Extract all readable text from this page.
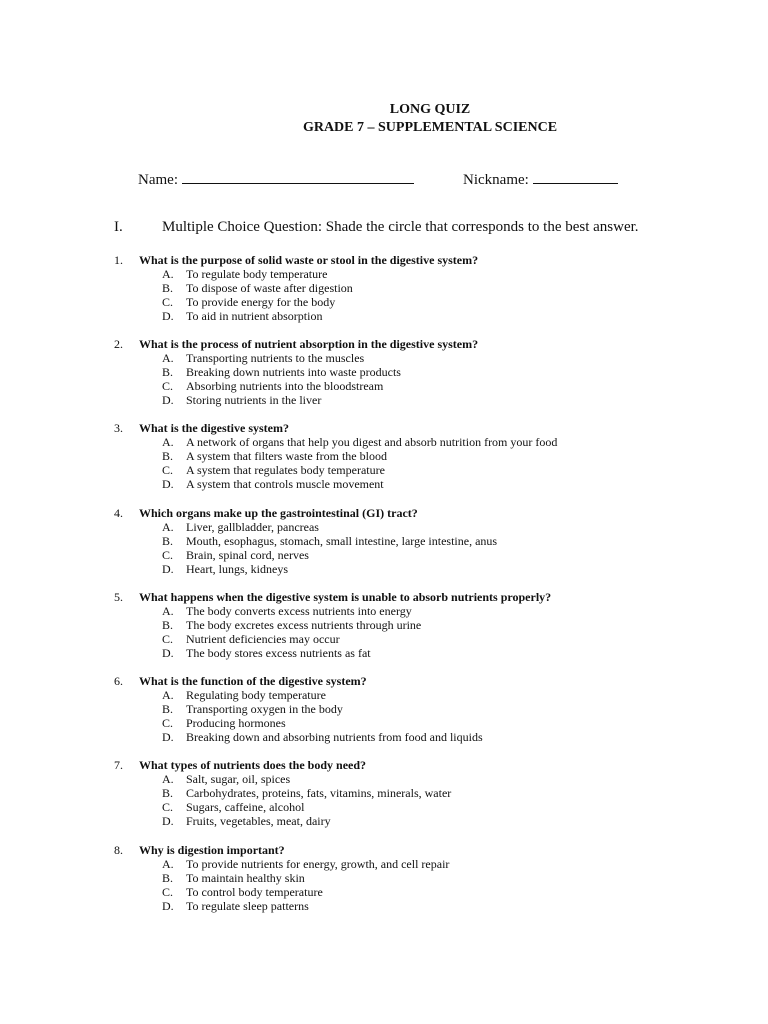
LONG QUIZ
GRADE 7 – SUPPLEMENTAL SCIENCE
Name:	Nickname:
I.	Multiple Choice Question: Shade the circle that corresponds to the best answer.
1. What is the purpose of solid waste or stool in the digestive system?
A. To regulate body temperature
B. To dispose of waste after digestion
C. To provide energy for the body
D. To aid in nutrient absorption
2. What is the process of nutrient absorption in the digestive system?
A. Transporting nutrients to the muscles
B. Breaking down nutrients into waste products
C. Absorbing nutrients into the bloodstream
D. Storing nutrients in the liver
3. What is the digestive system?
A. A network of organs that help you digest and absorb nutrition from your food
B. A system that filters waste from the blood
C. A system that regulates body temperature
D. A system that controls muscle movement
4. Which organs make up the gastrointestinal (GI) tract?
A. Liver, gallbladder, pancreas
B. Mouth, esophagus, stomach, small intestine, large intestine, anus
C. Brain, spinal cord, nerves
D. Heart, lungs, kidneys
5. What happens when the digestive system is unable to absorb nutrients properly?
A. The body converts excess nutrients into energy
B. The body excretes excess nutrients through urine
C. Nutrient deficiencies may occur
D. The body stores excess nutrients as fat
6. What is the function of the digestive system?
A. Regulating body temperature
B. Transporting oxygen in the body
C. Producing hormones
D. Breaking down and absorbing nutrients from food and liquids
7. What types of nutrients does the body need?
A. Salt, sugar, oil, spices
B. Carbohydrates, proteins, fats, vitamins, minerals, water
C. Sugars, caffeine, alcohol
D. Fruits, vegetables, meat, dairy
8. Why is digestion important?
A. To provide nutrients for energy, growth, and cell repair
B. To maintain healthy skin
C. To control body temperature
D. To regulate sleep patterns
